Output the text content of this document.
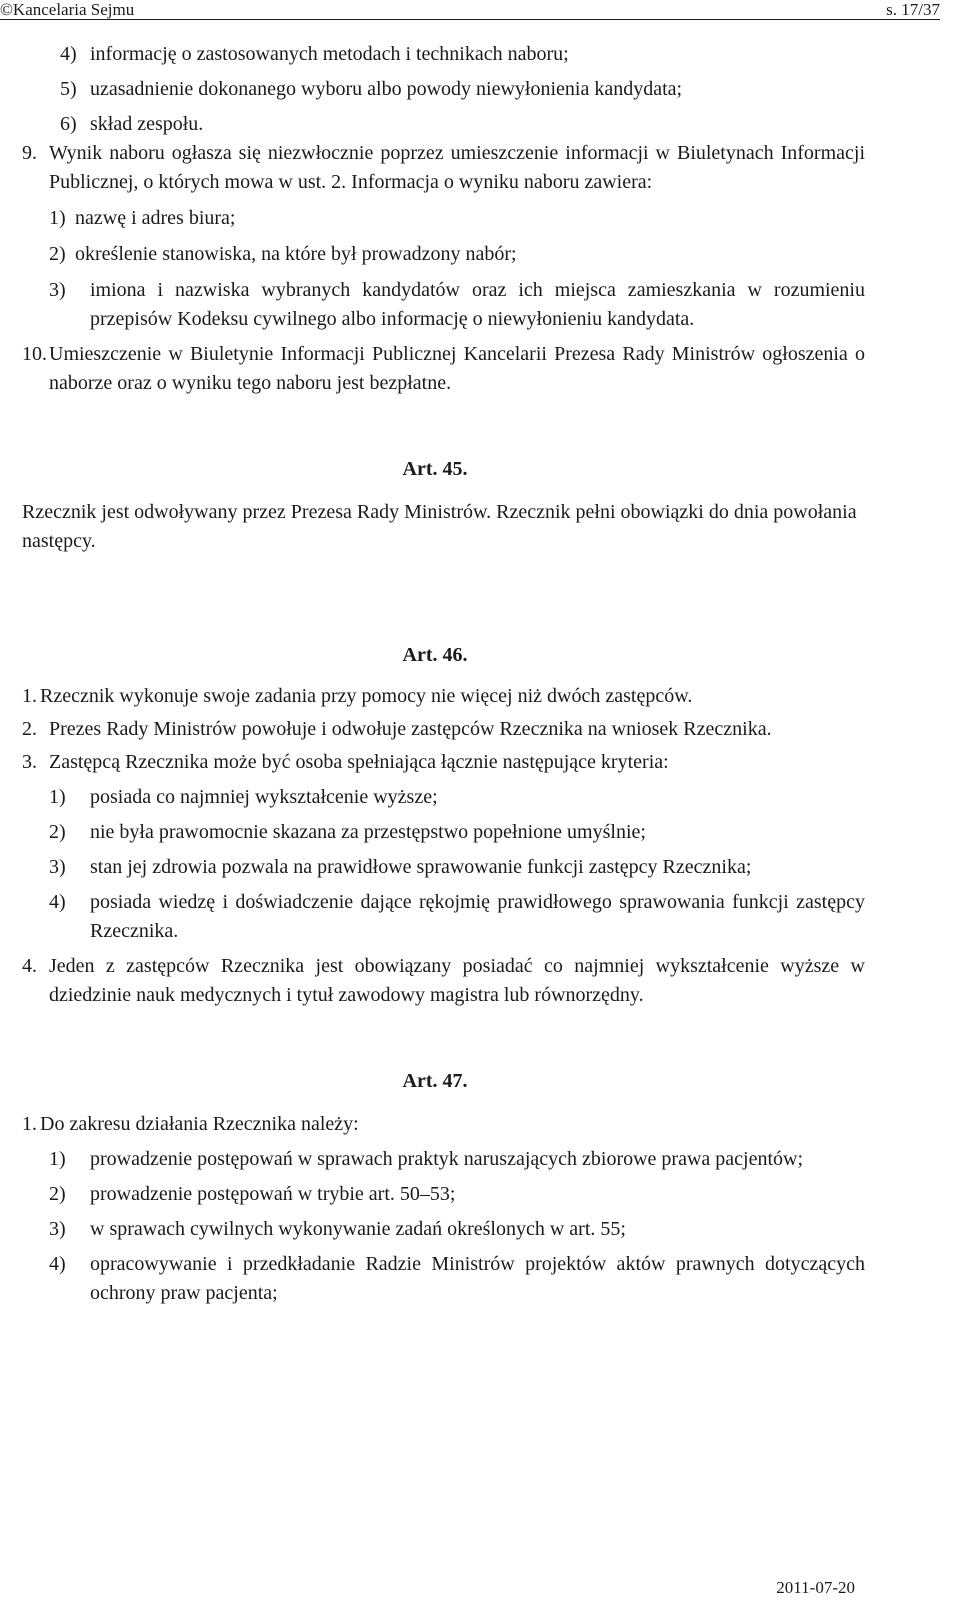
©Kancelaria Sejmu	s. 17/37
4) informację o zastosowanych metodach i technikach naboru;
5) uzasadnienie dokonanego wyboru albo powody niewyłonienia kandydata;
6) skład zespołu.
9. Wynik naboru ogłasza się niezwłocznie poprzez umieszczenie informacji w Biuletynach Informacji Publicznej, o których mowa w ust. 2. Informacja o wyniku naboru zawiera:
1) nazwę i adres biura;
2) określenie stanowiska, na które był prowadzony nabór;
3) imiona i nazwiska wybranych kandydatów oraz ich miejsca zamieszkania w rozumieniu przepisów Kodeksu cywilnego albo informację o niewyłonieniu kandydata.
10. Umieszczenie w Biuletynie Informacji Publicznej Kancelarii Prezesa Rady Ministrów ogłoszenia o naborze oraz o wyniku tego naboru jest bezpłatne.
Art. 45.
Rzecznik jest odwoływany przez Prezesa Rady Ministrów. Rzecznik pełni obowiązki do dnia powołania następcy.
Art. 46.
1. Rzecznik wykonuje swoje zadania przy pomocy nie więcej niż dwóch zastępców.
2. Prezes Rady Ministrów powołuje i odwołuje zastępców Rzecznika na wniosek Rzecznika.
3. Zastępcą Rzecznika może być osoba spełniająca łącznie następujące kryteria:
1) posiada co najmniej wykształcenie wyższe;
2) nie była prawomocnie skazana za przestępstwo popełnione umyślnie;
3) stan jej zdrowia pozwala na prawidłowe sprawowanie funkcji zastępcy Rzecznika;
4) posiada wiedzę i doświadczenie dające rękojmię prawidłowego sprawowania funkcji zastępcy Rzecznika.
4. Jeden z zastępców Rzecznika jest obowiązany posiadać co najmniej wykształcenie wyższe w dziedzinie nauk medycznych i tytuł zawodowy magistra lub równorzędny.
Art. 47.
1. Do zakresu działania Rzecznika należy:
1) prowadzenie postępowań w sprawach praktyk naruszających zbiorowe prawa pacjentów;
2) prowadzenie postępowań w trybie art. 50–53;
3) w sprawach cywilnych wykonywanie zadań określonych w art. 55;
4) opracowywanie i przedkładanie Radzie Ministrów projektów aktów prawnych dotyczących ochrony praw pacjenta;
2011-07-20
